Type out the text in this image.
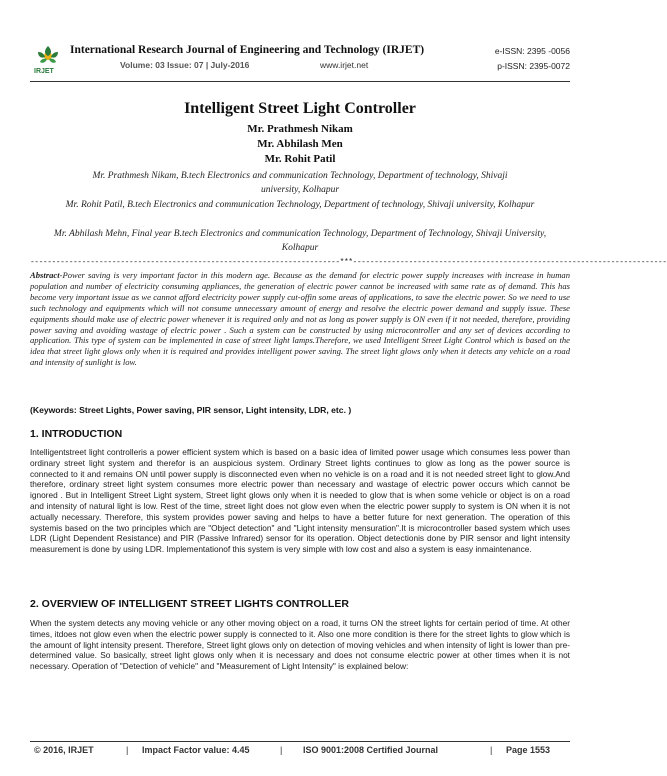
IRJET
International Research Journal of Engineering and Technology (IRJET)	e-ISSN: 2395 -0056
Volume: 03 Issue: 07 | July-2016	www.irjet.net	p-ISSN: 2395-0072
Intelligent Street Light Controller
Mr. Prathmesh Nikam
Mr. Abhilash Men
Mr. Rohit Patil
Mr. Prathmesh Nikam, B.tech Electronics and communication Technology, Department of technology, Shivaji university, Kolhapur
Mr. Rohit Patil, B.tech Electronics and communication Technology, Department of technology, Shivaji university, Kolhapur
Mr. Abhilash Mehn, Final year B.tech Electronics and communication Technology, Department of Technology, Shivaji University, Kolhapur
------------------------------------------------------------------------***-------------------------------------------------------------------------
Abstract-Power saving is very important factor in this modern age. Because as the demand for electric power supply increases with increase in human population and number of electricity consuming appliances, the generation of electric power cannot be increased with same rate as of demand. This has become very important issue as we cannot afford electricity power supply cut-offin some areas of applications, to save the electric power. So we need to use such technology and equipments which will not consume unnecessary amount of energy and resolve the electric power demand and supply issue. These equipments should make use of electric power whenever it is required only and not as long as power supply is ON even if it not needed, therefore, providing power saving and avoiding wastage of electric power . Such a system can be constructed by using microcontroller and any set of devices according to application. This type of system can be implemented in case of street light lamps.Therefore, we used Intelligent Street Light Control which is based on the idea that street light glows only when it is required and provides intelligent power saving. The street light glows only when it detects any vehicle on a road and intensity of sunlight is low.
(Keywords: Street Lights, Power saving, PIR sensor, Light intensity, LDR, etc. )
1. INTRODUCTION
Intelligentstreet light controlleris a power efficient system which is based on a basic idea of limited power usage which consumes less power than ordinary street light system and therefor is an auspicious system. Ordinary Street lights continues to glow as long as the power source is connected to it and remains ON until power supply is disconnected even when no vehicle is on a road and it is not needed street light to glow.And therefore, ordinary street light system consumes more electric power than necessary and wastage of electric power occurs which cannot be ignored . But in Intelligent Street Light system, Street light glows only when it is needed to glow that is when some vehicle or object is on a road and intensity of natural light is low. Rest of the time, street light does not glow even when the electric power supply to system is ON when it is not actually necessary. Therefore, this system provides power saving and helps to have a better future for next generation. The operation of this systemis based on the two principles which are "Object detection" and "Light intensity mensuration".It is microcontroller based system which uses LDR (Light Dependent Resistance) and PIR (Passive Infrared) sensor for its operation. Object detectionis done by PIR sensor and light intensity measurement is done by using LDR. Implementationof this system is very simple with low cost and also a system is easy inmaintenance.
2. OVERVIEW OF INTELLIGENT STREET LIGHTS CONTROLLER
When the system detects any moving vehicle or any other moving object on a road, it turns ON the street lights for certain period of time. At other times, itdoes not glow even when the electric power supply is connected to it. Also one more condition is there for the street lights to glow which is the amount of light intensity present. Therefore, Street light glows only on detection of moving vehicles and when intensity of light is lower than pre-determined value. So basically, street light glows only when it is necessary and does not consume electric power at other times when it is not necessary. Operation of "Detection of vehicle" and "Measurement of Light Intensity" is explained below:
© 2016, IRJET	| Impact Factor value: 4.45	| ISO 9001:2008 Certified Journal	| Page 1553
